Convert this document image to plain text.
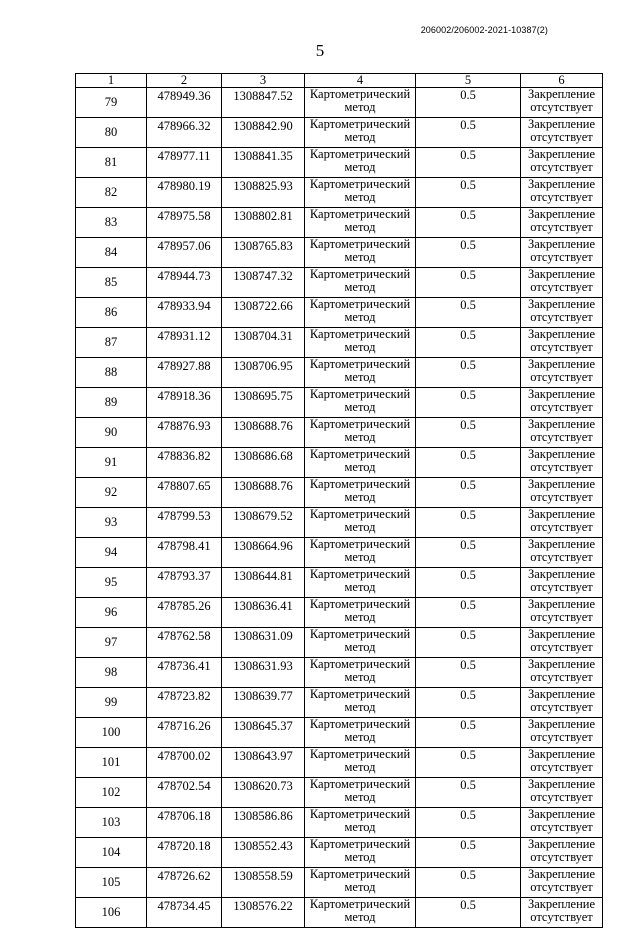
206002/206002-2021-10387(2)
5
1	2	3	4	5	6
79	478949.36	1308847.52	Картометрический метод	0.5	Закрепление отсутствует
80	478966.32	1308842.90	Картометрический метод	0.5	Закрепление отсутствует
81	478977.11	1308841.35	Картометрический метод	0.5	Закрепление отсутствует
82	478980.19	1308825.93	Картометрический метод	0.5	Закрепление отсутствует
83	478975.58	1308802.81	Картометрический метод	0.5	Закрепление отсутствует
84	478957.06	1308765.83	Картометрический метод	0.5	Закрепление отсутствует
85	478944.73	1308747.32	Картометрический метод	0.5	Закрепление отсутствует
86	478933.94	1308722.66	Картометрический метод	0.5	Закрепление отсутствует
87	478931.12	1308704.31	Картометрический метод	0.5	Закрепление отсутствует
88	478927.88	1308706.95	Картометрический метод	0.5	Закрепление отсутствует
89	478918.36	1308695.75	Картометрический метод	0.5	Закрепление отсутствует
90	478876.93	1308688.76	Картометрический метод	0.5	Закрепление отсутствует
91	478836.82	1308686.68	Картометрический метод	0.5	Закрепление отсутствует
92	478807.65	1308688.76	Картометрический метод	0.5	Закрепление отсутствует
93	478799.53	1308679.52	Картометрический метод	0.5	Закрепление отсутствует
94	478798.41	1308664.96	Картометрический метод	0.5	Закрепление отсутствует
95	478793.37	1308644.81	Картометрический метод	0.5	Закрепление отсутствует
96	478785.26	1308636.41	Картометрический метод	0.5	Закрепление отсутствует
97	478762.58	1308631.09	Картометрический метод	0.5	Закрепление отсутствует
98	478736.41	1308631.93	Картометрический метод	0.5	Закрепление отсутствует
99	478723.82	1308639.77	Картометрический метод	0.5	Закрепление отсутствует
100	478716.26	1308645.37	Картометрический метод	0.5	Закрепление отсутствует
101	478700.02	1308643.97	Картометрический метод	0.5	Закрепление отсутствует
102	478702.54	1308620.73	Картометрический метод	0.5	Закрепление отсутствует
103	478706.18	1308586.86	Картометрический метод	0.5	Закрепление отсутствует
104	478720.18	1308552.43	Картометрический метод	0.5	Закрепление отсутствует
105	478726.62	1308558.59	Картометрический метод	0.5	Закрепление отсутствует
106	478734.45	1308576.22	Картометрический метод	0.5	Закрепление отсутствует
